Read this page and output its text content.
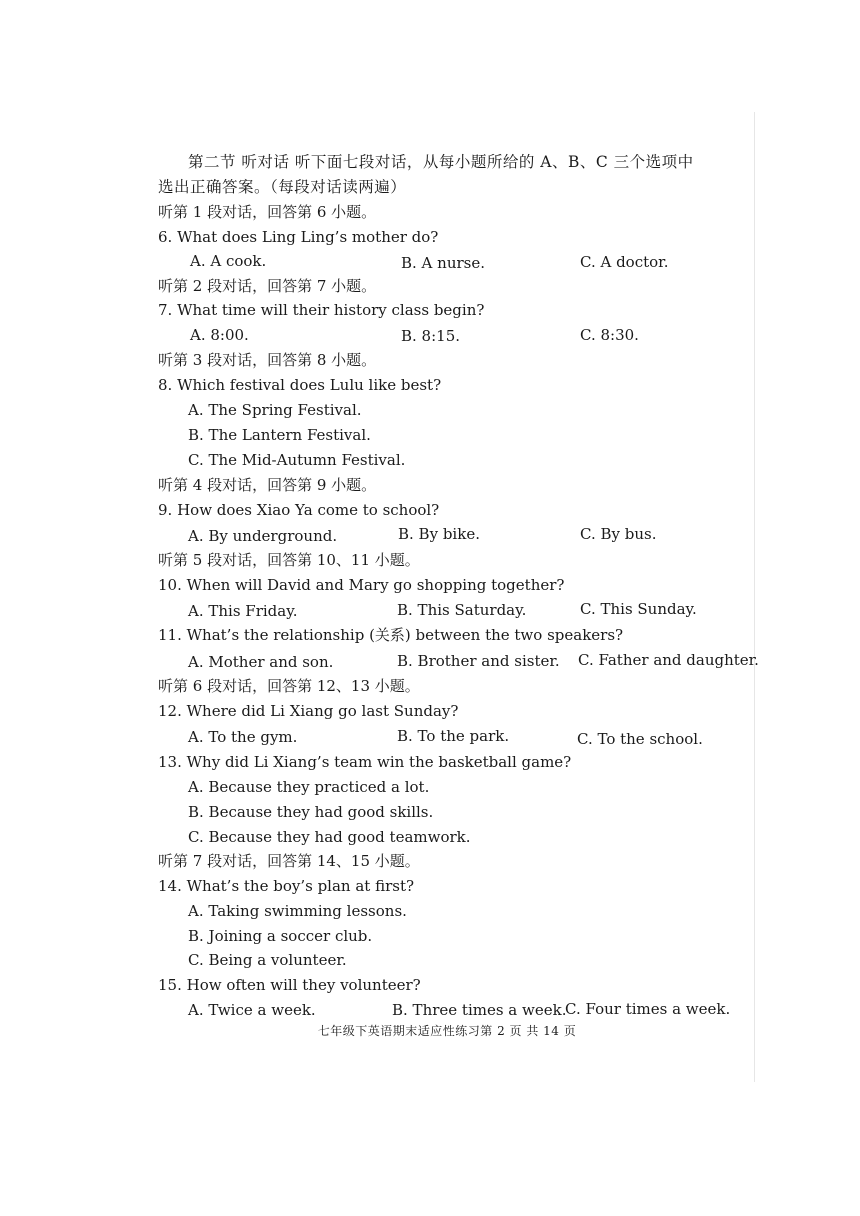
第二节 听对话 听下面七段对话，从每小题所给的 A、B、C 三个选项中
选出正确答案。（每段对话读两遍）
听第 1 段对话，回答第 6 小题。
6. What does Ling Ling’s mother do?
A. A cook.	B. A nurse.	C. A doctor.
听第 2 段对话，回答第 7 小题。
7. What time will their history class begin?
A. 8:00.	B. 8:15.	C. 8:30.
听第 3 段对话，回答第 8 小题。
8. Which festival does Lulu like best?
A. The Spring Festival.
B. The Lantern Festival.
C. The Mid-Autumn Festival.
听第 4 段对话，回答第 9 小题。
9. How does Xiao Ya come to school?
A. By underground.	B. By bike.	C. By bus.
听第 5 段对话，回答第 10、11 小题。
10. When will David and Mary go shopping together?
A. This Friday.	B. This Saturday.	C. This Sunday.
11. What’s the relationship (关系) between the two speakers?
A. Mother and son.	B. Brother and sister. C. Father and daughter.
听第 6 段对话，回答第 12、13 小题。
12. Where did Li Xiang go last Sunday?
A. To the gym.	B. To the park.	C. To the school.
13. Why did Li Xiang’s team win the basketball game?
A. Because they practiced a lot.
B. Because they had good skills.
C. Because they had good teamwork.
听第 7 段对话，回答第 14、15 小题。
14. What’s the boy’s plan at first?
A. Taking swimming lessons.
B. Joining a soccer club.
C. Being a volunteer.
15. How often will they volunteer?
A. Twice a week.	B. Three times a week.
C. Four times a week.
七年级下英语期末适应性练习第 2 页 共 14 页
